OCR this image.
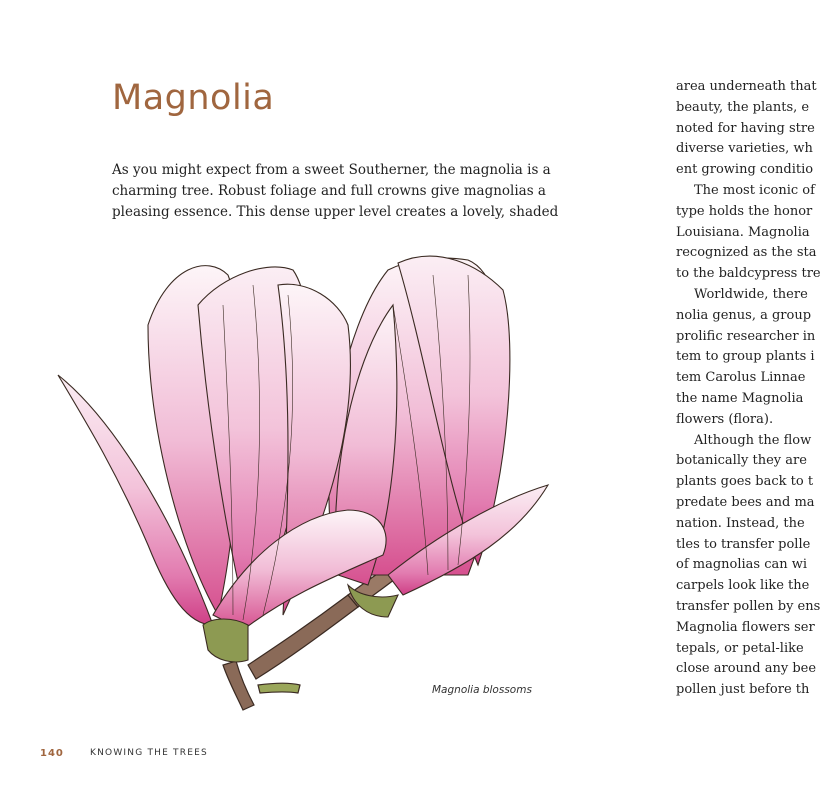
Magnolia

As you might expect from a sweet Southerner, the magnolia is a
charming tree. Robust foliage and full crowns give magnolias a
pleasing essence. This dense upper level creates a lovely, shaded

Magnolia blossoms
140	KNOWING THE TREES
area underneath that
beauty, the plants, e
noted for having stre
diverse varieties, wh
ent growing conditio
The most iconic of
type holds the honor
Louisiana. Magnolia
recognized as the sta
to the baldcypress tre
Worldwide, there
nolia genus, a group
prolific researcher in
tem to group plants i
tem Carolus Linnae
the name Magnolia
flowers (flora).
Although the flow
botanically they are
plants goes back to t
predate bees and ma
nation. Instead, the
tles to transfer polle
of magnolias can wi
carpels look like the
transfer pollen by ens
Magnolia flowers ser
tepals, or petal-like
close around any bee
pollen just before th
